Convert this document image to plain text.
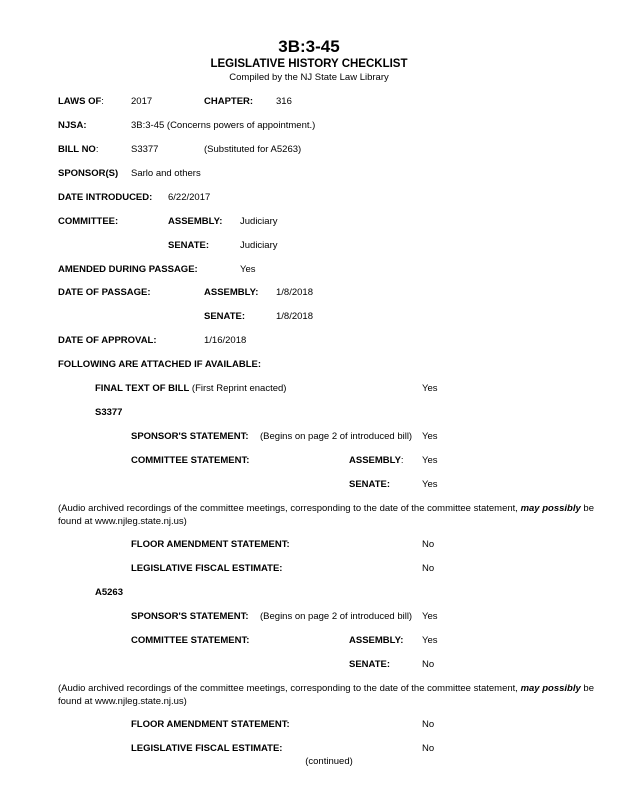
3B:3-45
LEGISLATIVE HISTORY CHECKLIST
Compiled by the NJ State Law Library
LAWS OF:	2017	CHAPTER: 316
NJSA:	3B:3-45 (Concerns powers of appointment.)
BILL NO:	S3377	(Substituted for A5263)
SPONSOR(S) Sarlo and others
DATE INTRODUCED: 6/22/2017
COMMITTEE:	ASSEMBLY: Judiciary
SENATE:	Judiciary
AMENDED DURING PASSAGE:	Yes
DATE OF PASSAGE:	ASSEMBLY: 1/8/2018
SENATE:	1/8/2018
DATE OF APPROVAL:	1/16/2018
FOLLOWING ARE ATTACHED IF AVAILABLE:
FINAL TEXT OF BILL (First Reprint enacted)	Yes
S3377
SPONSOR'S STATEMENT: (Begins on page 2 of introduced bill) Yes
COMMITTEE STATEMENT:	ASSEMBLY: Yes
SENATE:	Yes
(Audio archived recordings of the committee meetings, corresponding to the date of the committee statement, may possibly be found at www.njleg.state.nj.us)
FLOOR AMENDMENT STATEMENT:	No
LEGISLATIVE FISCAL ESTIMATE:	No
A5263
SPONSOR'S STATEMENT: (Begins on page 2 of introduced bill) Yes
COMMITTEE STATEMENT:	ASSEMBLY: Yes
SENATE:	No
(Audio archived recordings of the committee meetings, corresponding to the date of the committee statement, may possibly be found at www.njleg.state.nj.us)
FLOOR AMENDMENT STATEMENT:	No
LEGISLATIVE FISCAL ESTIMATE:	No
(continued)
